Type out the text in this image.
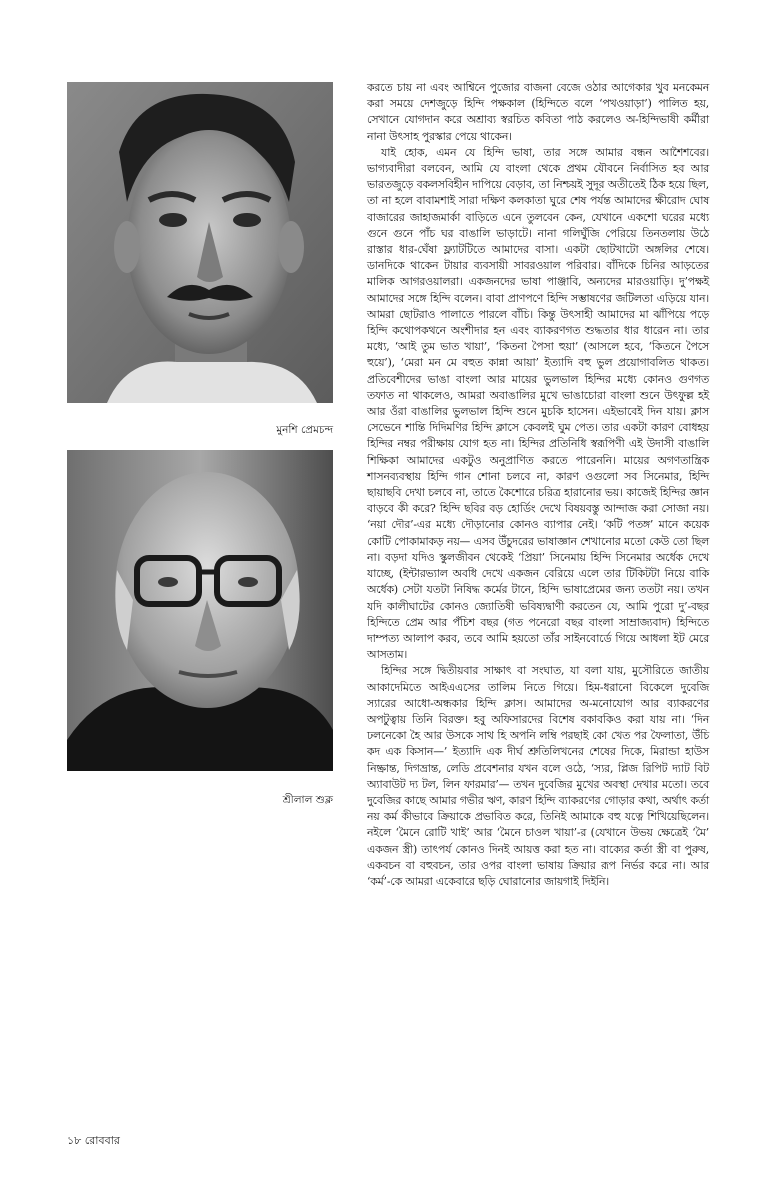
মুনশি প্রেমচন্দ
শ্রীলাল শুক্ল

করতে চায় না এবং আশ্বিনে পুজোর বাজনা বেজে ওঠার আগেকার খুব মনকেমন করা সময়ে দেশজুড়ে হিন্দি পক্ষকাল (হিন্দিতে বলে ‘পখওয়াড়া’) পালিত হয়, সেখানে যোগদান করে অশ্রাব্য স্বরচিত কবিতা পাঠ করলেও অ-হিন্দিভাষী কর্মীরা নানা উৎসাহ পুরস্কার পেয়ে থাকেন।

যাই হোক, এমন যে হিন্দি ভাষা, তার সঙ্গে আমার বন্ধন আশৈশবের। ভাগ্যবাদীরা বলবেন, আমি যে বাংলা থেকে প্রথম যৌবনে নির্বাসিত হব আর ভারতজুড়ে বকলসবিহীন দাপিয়ে বেড়াব, তা নিশ্চয়ই সুদূর অতীতেই ঠিক হয়ে ছিল, তা না হলে বাবামশাই সারা দক্ষিণ কলকাতা ঘুরে শেষ পর্যন্ত আমাদের ক্ষীরোদ ঘোষ বাজারের জাহাজমার্কা বাড়িতে এনে তুলবেন কেন, যেখানে একশো ঘরের মধ্যে গুনে গুনে পাঁচ ঘর বাঙালি ভাড়াটে। নানা গলিঘুঁজি পেরিয়ে তিনতলায় উঠে রাস্তার ধার-ঘেঁষা ফ্ল্যাটটিতে আমাদের বাসা। একটা ছোটখাটো অঙ্গলির শেষে। ডানদিকে থাকেন টায়ার ব্যবসায়ী সাবরওয়াল পরিবার। বাঁদিকে চিনির আড়তের মালিক আগরওয়ালরা। একজনদের ভাষা পাঞ্জাবি, অন্যদের মারওয়াড়ি। দু’পক্ষই আমাদের সঙ্গে হিন্দি বলেন। বাবা প্রাণপণে হিন্দি সম্ভাষণের জটিলতা এড়িয়ে যান। আমরা ছোটরাও পালাতে পারলে বাঁচি। কিন্তু উৎসাহী আমাদের মা ঝাঁপিয়ে পড়ে হিন্দি কথোপকথনে অংশীদার হন এবং ব্যাকরণগত শুদ্ধতার ধার ধারেন না। তার মধ্যে, ‘আই তুম ভাত খায়া’, ‘কিতনা পৈসা হুয়া’ (আসলে হবে, ‘কিতনে পৈসে হুয়ে’), ‘মেরা মন মে বহুত কান্না আয়া’ ইত্যাদি বহু ভুল প্রয়োগাবলিত থাকত। প্রতিবেশীদের ভাঙা বাংলা আর মায়ের ভুলভাল হিন্দির মধ্যে কোনও গুণগত তফাত না থাকলেও, আমরা অবাঙালির মুখে ভাঙাচোরা বাংলা শুনে উৎফুল্ল হই আর ওঁরা বাঙালির ভুলভাল হিন্দি শুনে মুচকি হাসেন। এইভাবেই দিন যায়। ক্লাস সেভেনে শান্তি দিদিমণির হিন্দি ক্লাসে কেবলই ঘুম পেত। তার একটা কারণ বোধহয় হিন্দির নম্বর পরীক্ষায় যোগ হত না। হিন্দির প্রতিনিধি স্বরূপিণী এই উদাসী বাঙালি শিক্ষিকা আমাদের একটুও অনুপ্রাণিত করতে পারেননি। মায়ের অগণতান্ত্রিক শাসনব্যবস্থায় হিন্দি গান শোনা চলবে না, কারণ ওগুলো সব সিনেমার, হিন্দি ছায়াছবি দেখা চলবে না, তাতে কৈশোরে চরিত্র হারানোর ভয়। কাজেই হিন্দির জ্ঞান বাড়বে কী করে? হিন্দি ছবির বড় হোর্ডিং দেখে বিষয়বস্তু আন্দাজ করা সোজা নয়। ‘নয়া দৌর’-এর মধ্যে দৌড়ানোর কোনও ব্যাপার নেই। ‘কটি পতঙ্গ’ মানে কয়েক কোটি পোকামাকড় নয়— এসব উঁচুদরের ভাষাজ্ঞান শেখানোর মতো কেউ তো ছিল না। বড়দা যদিও স্কুলজীবন থেকেই ‘প্রিয়া’ সিনেমায় হিন্দি সিনেমার অর্ধেক দেখে যাচ্ছে, (ইন্টারভ্যাল অবধি দেখে একজন বেরিয়ে এলে তার টিকিটটা নিয়ে বাকি অর্ধেক) সেটা যতটা নিষিদ্ধ কর্মের টানে, হিন্দি ভাষাপ্রেমের জন্য ততটা নয়। তখন যদি কালীঘাটের কোনও জ্যোতিষী ভবিষ্যদ্বাণী করতেন যে, আমি পুরো দু’-বছর হিন্দিতে প্রেম আর পঁচিশ বছর (গত পনেরো বছর বাংলা সাম্রাজ্যবাদ) হিন্দিতে দাম্পত্য আলাপ করব, তবে আমি হয়তো তাঁর সাইনবোর্ডে গিয়ে আধলা ইট মেরে আসতাম।

হিন্দির সঙ্গে দ্বিতীয়বার সাক্ষাৎ বা সংঘাত, যা বলা যায়, মুসৌরিতে জাতীয় আকাদেমিতে আইএএসের তালিম নিতে গিয়ে। হিম-ধরানো বিকেলে দুবেজি স্যারের আধো-অন্ধকার হিন্দি ক্লাস। আমাদের অ-মনোযোগ আর ব্যাকরণের অপটুত্বায় তিনি বিরক্ত। হবু অফিসারদের বিশেষ বকাবকিও করা যায় না। ‘দিন ঢলনেকো হৈ আর উসকে সাথ হি অপনি লম্বি পরছাই কো খেত পর ফৈলাতা, উঁচি কদ এক কিসান—’ ইত্যাদি এক দীর্ঘ শ্রুতিলিখনের শেষের দিকে, মিরান্ডা হাউস নিষ্ক্রান্ত, দিগভ্রান্ত, লেডি প্রবেশনার যখন বলে ওঠে, ‘স্যর, প্লিজ রিপিট দ্যাট বিট অ্যাবাউট দ্য টল, লিন ফারমার’— তখন দুবেজির মুখের অবস্থা দেখার মতো। তবে দুবেজির কাছে আমার গভীর ঋণ, কারণ হিন্দি ব্যাকরণের গোড়ার কথা, অর্থাৎ কর্তা নয় কর্ম কীভাবে ক্রিয়াকে প্রভাবিত করে, তিনিই আমাকে বহু যত্নে শিখিয়েছিলেন। নইলে ‘মৈনে রোটি খাই’ আর ‘মৈনে চাওল খায়া’-র (যেখানে উভয় ক্ষেত্রেই ‘মৈ’ একজন স্ত্রী) তাৎপর্য কোনও দিনই আয়ত্ত করা হত না। বাক্যের কর্তা স্ত্রী বা পুরুষ, একবচন বা বহুবচন, তার ওপর বাংলা ভাষায় ক্রিয়ার রূপ নির্ভর করে না। আর ‘কর্ম’-কে আমরা একেবারে ছড়ি ঘোরানোর জায়গাই দিইনি।

১৮ রোববার
